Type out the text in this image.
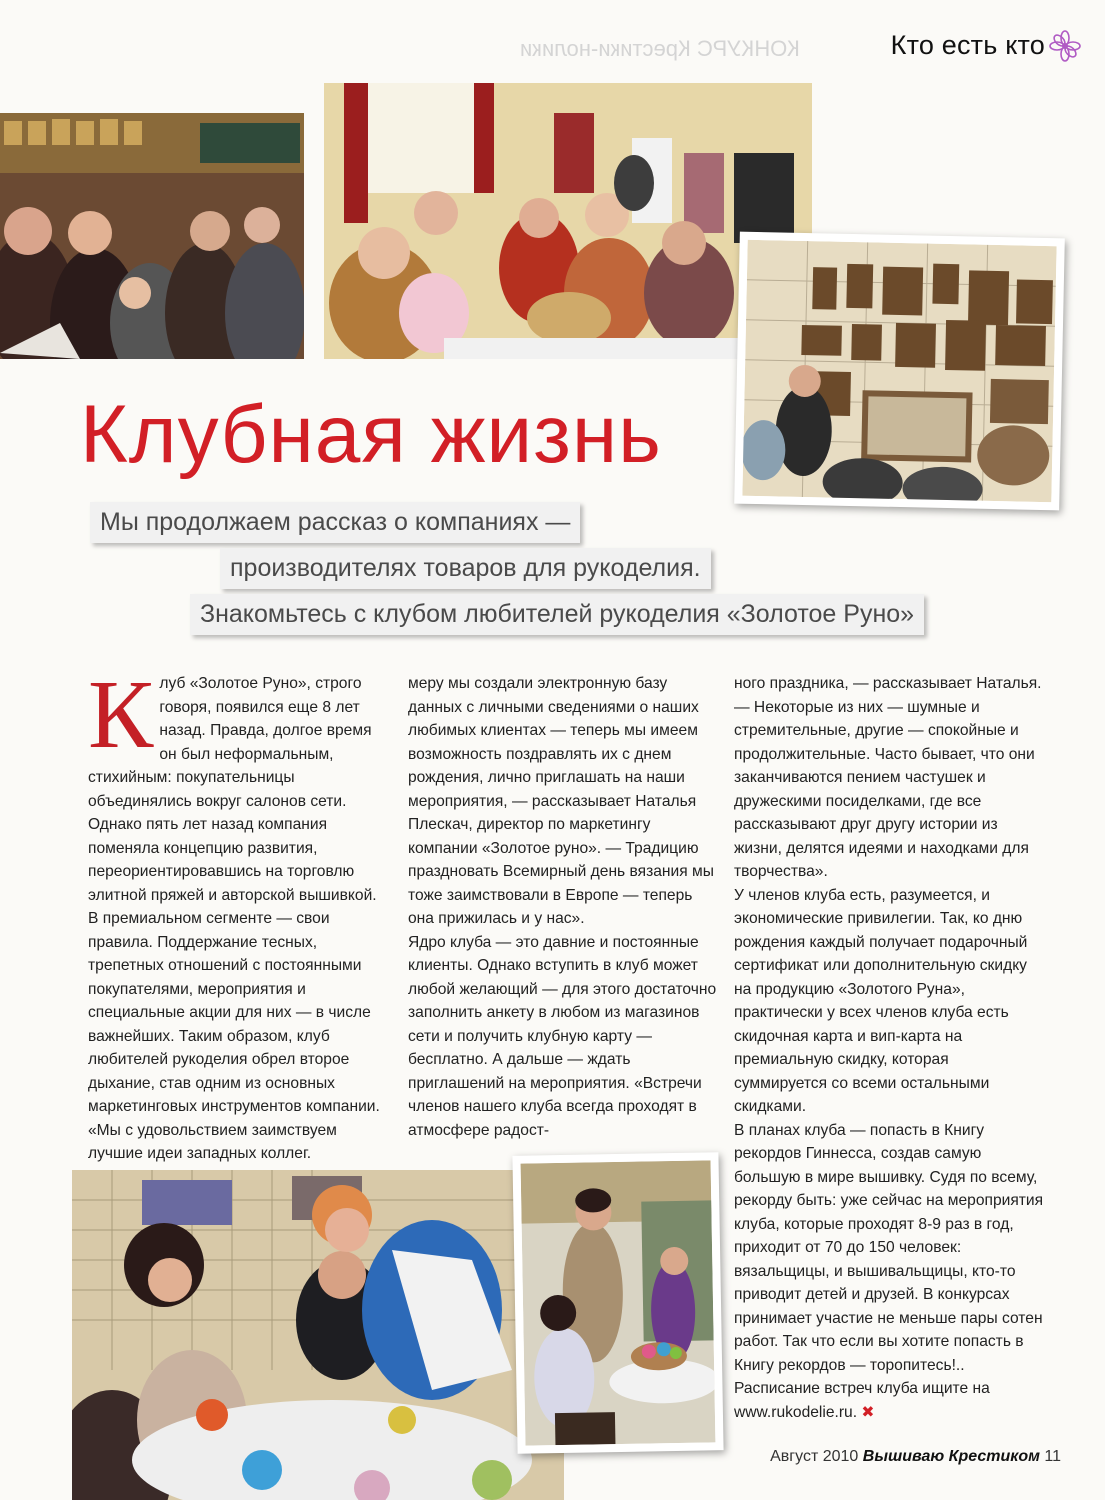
КОНКУРС Крестики-нолики	Кто есть кто
Клубная жизнь
Мы продолжаем рассказ о компаниях —
производителях товаров для рукоделия.
Знакомьтесь с клубом любителей рукоделия «Золотое Руно»
К луб «Золотое Руно», строго говоря, появился еще 8 лет назад. Правда, долгое время он был неформальным, стихийным: покупательницы объединялись вокруг салонов сети. Однако пять лет назад компания поменяла концепцию развития, переориентировавшись на торговлю элитной пряжей и авторской вышивкой. В премиальном сегменте — свои правила. Поддержание тесных, трепетных отношений с постоянными покупателями, мероприятия и специальные акции для них — в числе важнейших. Таким образом, клуб любителей рукоделия обрел второе дыхание, став одним из основных маркетинговых инструментов компании. «Мы с удовольствием заимствуем лучшие идеи западных коллег.

меру мы создали электронную базу данных с личными сведениями о наших любимых клиентах — теперь мы имеем возможность поздравлять их с днем рождения, лично приглашать на наши мероприятия, — рассказывает Наталья Плескач, директор по маркетингу компании «Золотое руно». — Традицию праздновать Всемирный день вязания мы тоже заимствовали в Европе — теперь она прижилась и у нас».

Ядро клуба — это давние и постоянные клиенты. Однако вступить в клуб может любой желающий — для этого достаточно заполнить анкету в любом из магазинов сети и получить клубную карту — бесплатно. А дальше — ждать приглашений на мероприятия. «Встречи членов нашего клуба всегда проходят в атмосфере радост-

ного праздника, — рассказывает Наталья. — Некоторые из них — шумные и стремительные, другие — спокойные и продолжительные. Часто бывает, что они заканчиваются пением частушек и дружескими посиделками, где все рассказывают друг другу истории из жизни, делятся идеями и находками для творчества».

У членов клуба есть, разумеется, и экономические привилегии. Так, ко дню рождения каждый получает подарочный сертификат или дополнительную скидку на продукцию «Золотого Руна», практически у всех членов клуба есть скидочная карта и вип-карта на премиальную скидку, которая суммируется со всеми остальными скидками.

В планах клуба — попасть в Книгу рекордов Гиннесса, создав самую большую в мире вышивку. Судя по всему, рекорду быть: уже сейчас на мероприятия клуба, которые проходят 8-9 раз в год, приходит от 70 до 150 человек: вязальщицы, и вышивальщицы, кто-то приводит детей и друзей. В конкурсах принимает участие не меньше пары сотен работ. Так что если вы хотите попасть в Книгу рекордов — торопитесь!.. Расписание встреч клуба ищите на www.rukodelie.ru. ✖

Август 2010 Вышиваю Крестиком 11
